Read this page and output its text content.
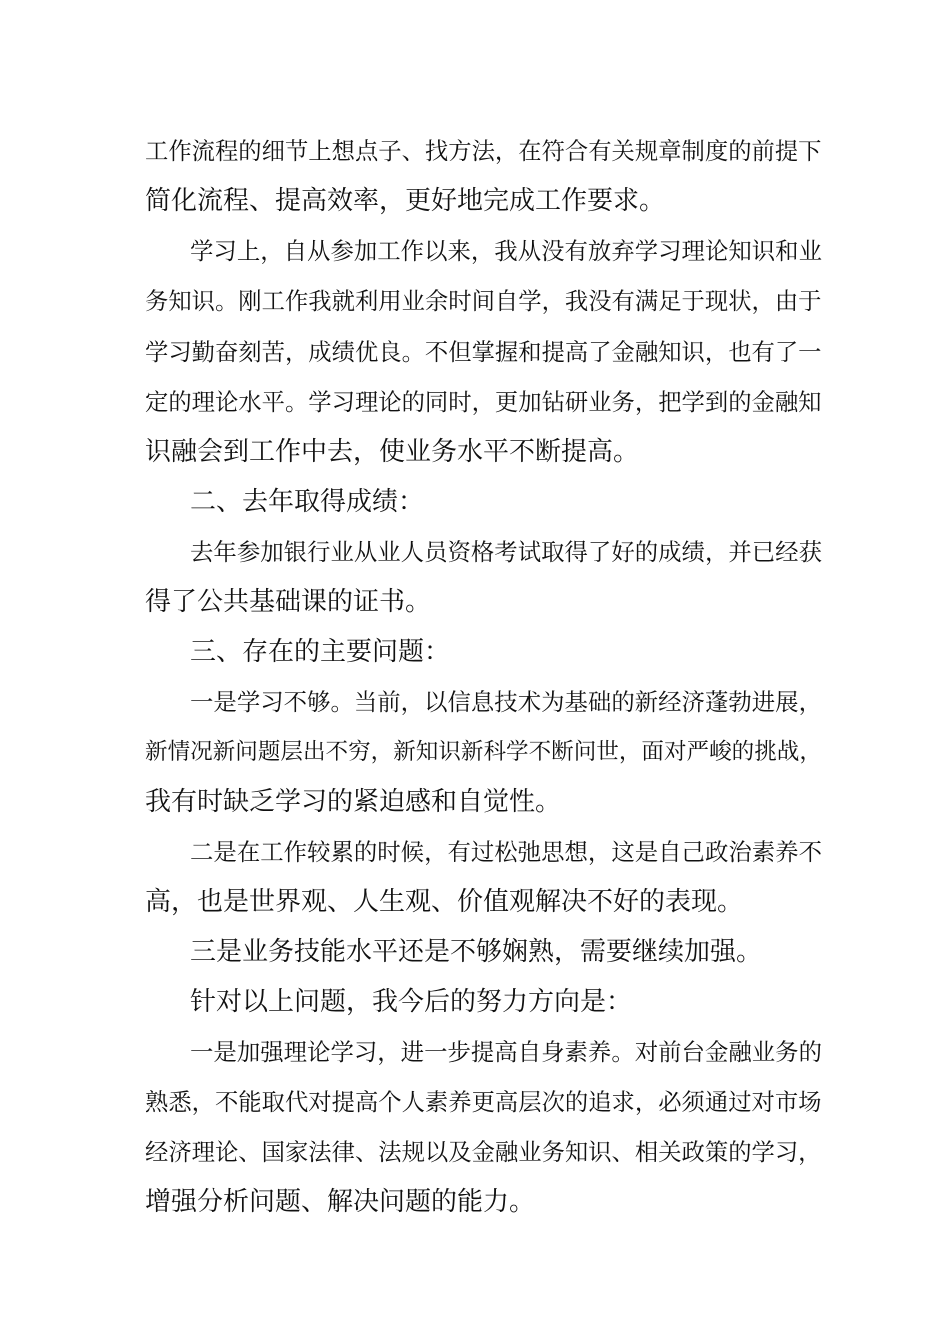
工作流程的细节上想点子、找方法，在符合有关规章制度的前提下
简化流程、提高效率，更好地完成工作要求。
学习上，自从参加工作以来，我从没有放弃学习理论知识和业
务知识。刚工作我就利用业余时间自学，我没有满足于现状，由于
学习勤奋刻苦，成绩优良。不但掌握和提高了金融知识，也有了一
定的理论水平。学习理论的同时，更加钻研业务，把学到的金融知
识融会到工作中去，使业务水平不断提高。
二、去年取得成绩：
去年参加银行业从业人员资格考试取得了好的成绩，并已经获
得了公共基础课的证书。
三、存在的主要问题：
一是学习不够。当前，以信息技术为基础的新经济蓬勃进展，
新情况新问题层出不穷，新知识新科学不断问世，面对严峻的挑战，
我有时缺乏学习的紧迫感和自觉性。
二是在工作较累的时候，有过松弛思想，这是自己政治素养不
高，也是世界观、人生观、价值观解决不好的表现。
三是业务技能水平还是不够娴熟，需要继续加强。
针对以上问题，我今后的努力方向是：
一是加强理论学习，进一步提高自身素养。对前台金融业务的
熟悉，不能取代对提高个人素养更高层次的追求，必须通过对市场
经济理论、国家法律、法规以及金融业务知识、相关政策的学习，
增强分析问题、解决问题的能力。
